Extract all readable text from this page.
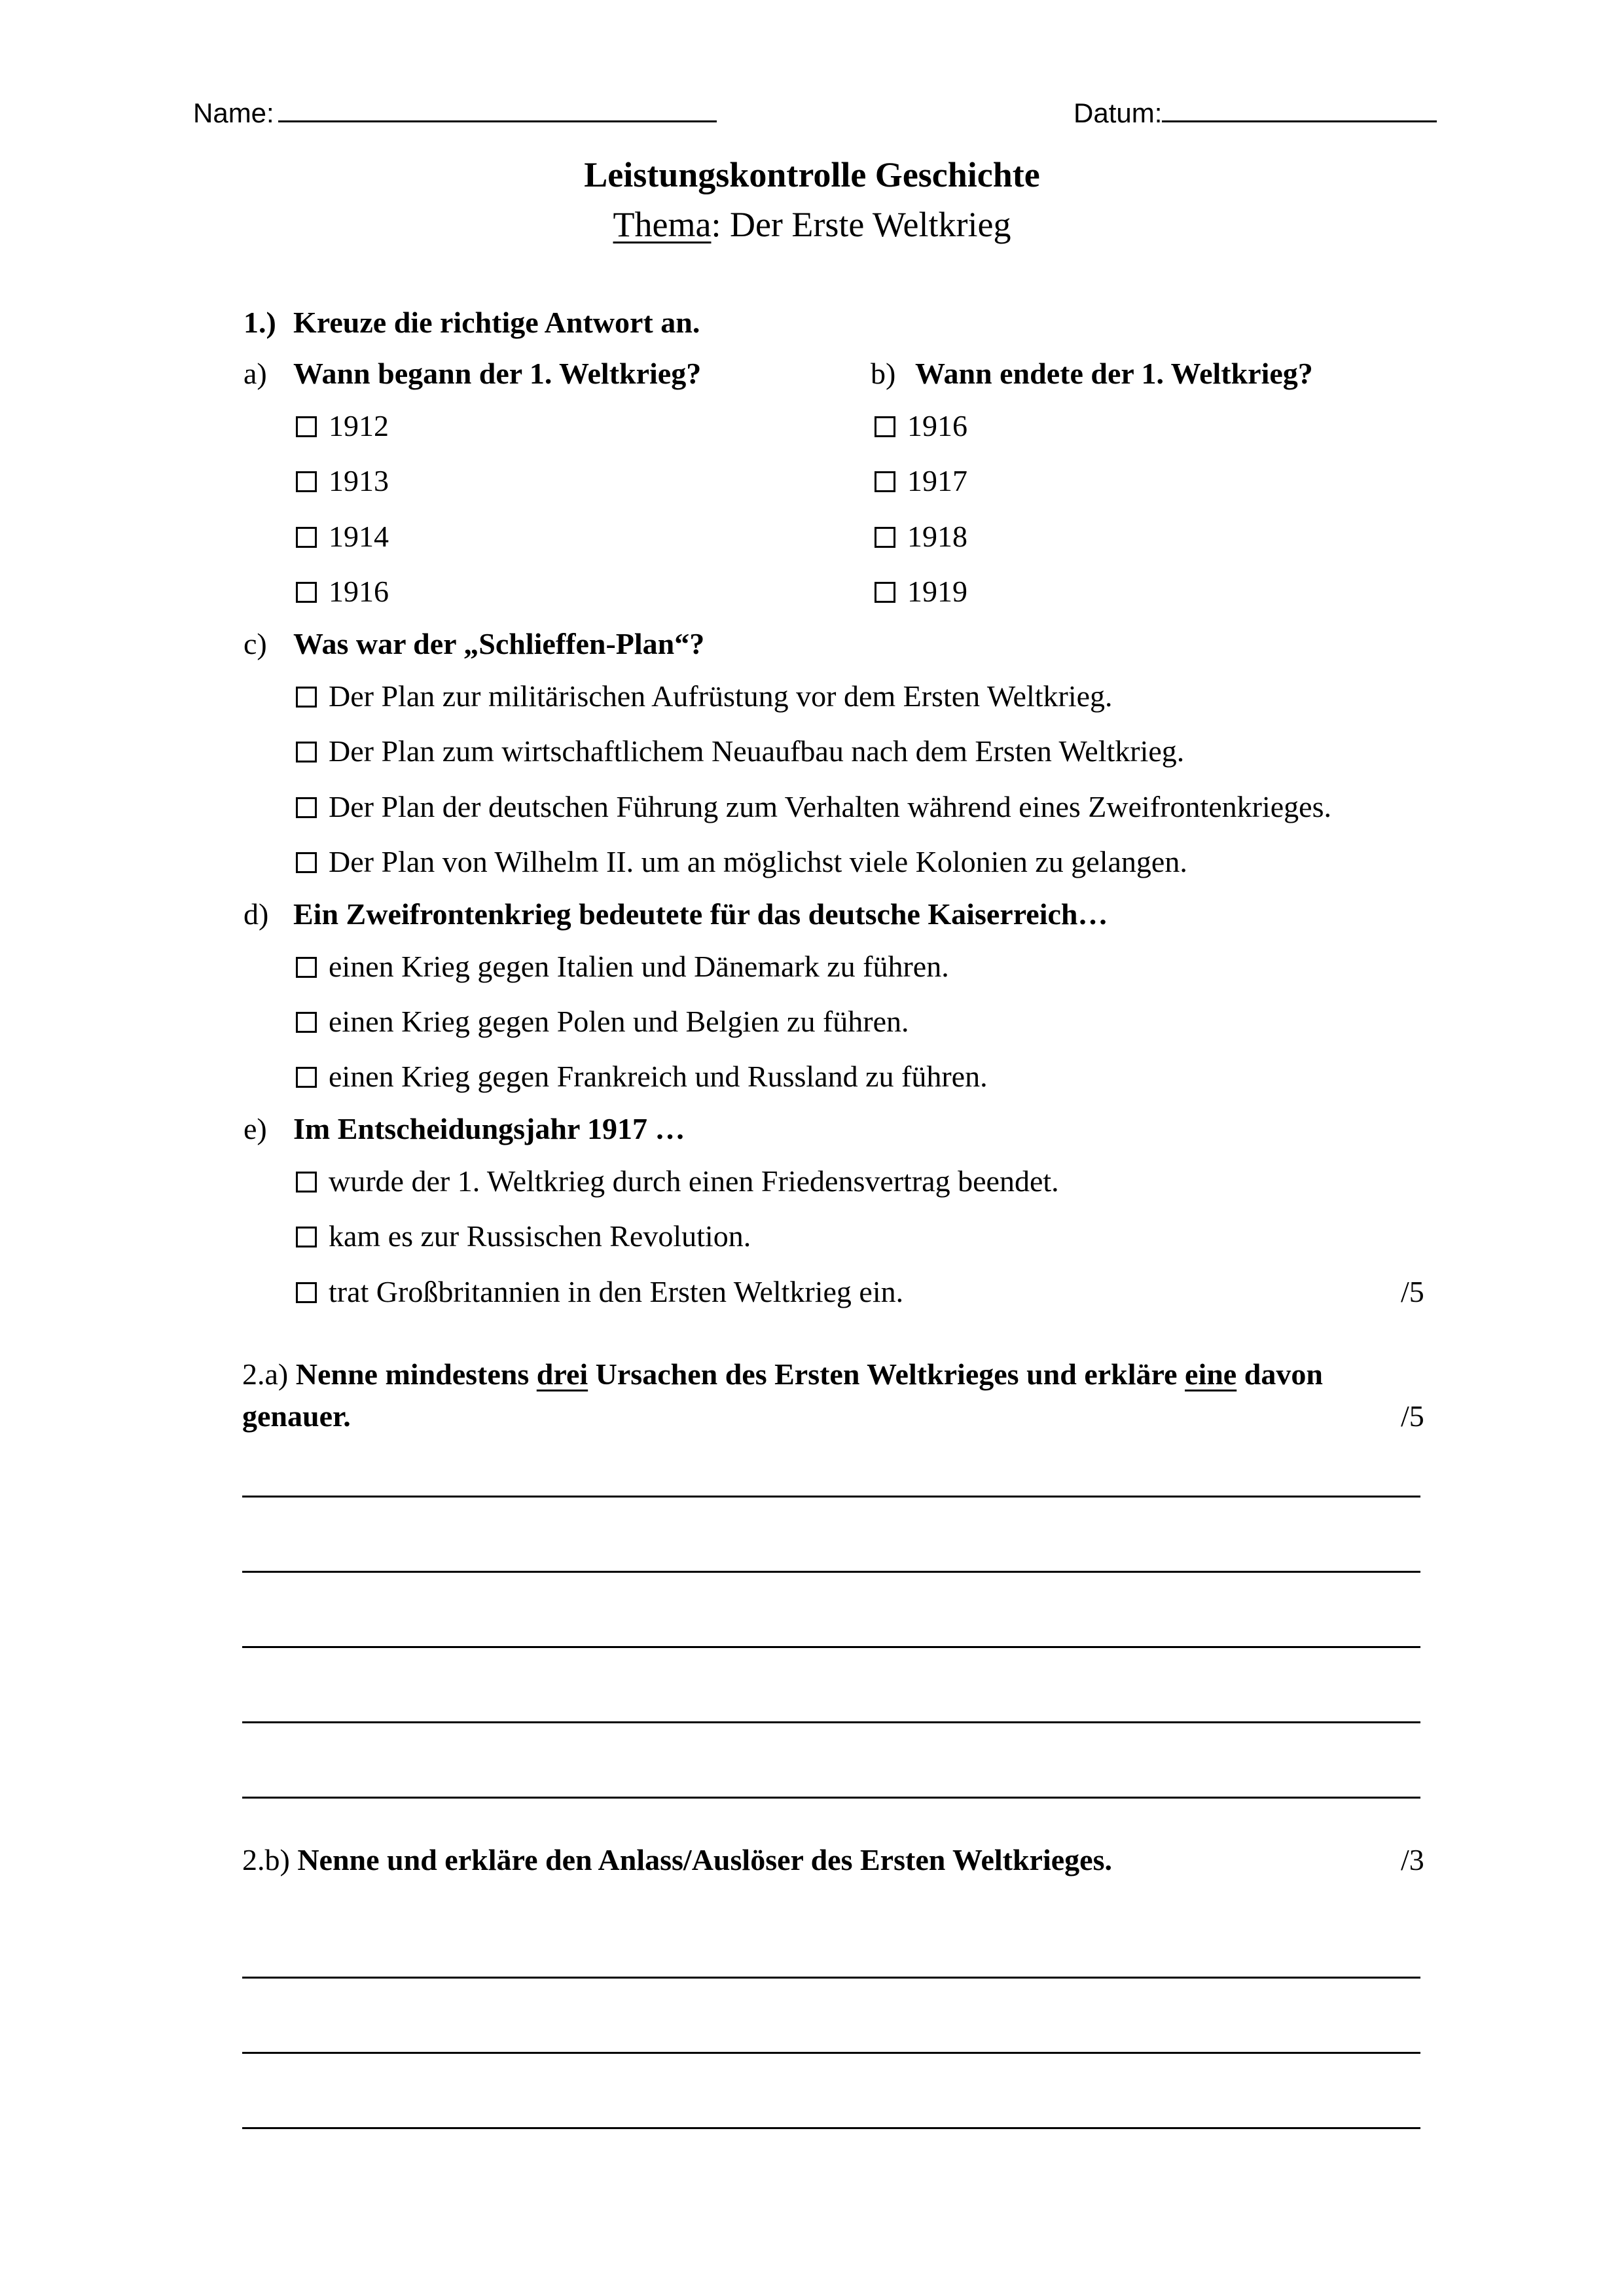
Name:	Datum:
Leistungskontrolle Geschichte
Thema: Der Erste Weltkrieg
1.) Kreuze die richtige Antwort an.
a) Wann begann der 1. Weltkrieg?	b) Wann endete der 1. Weltkrieg?
1912
1913
1914
1916
1916
1917
1918
1919
c) Was war der „Schlieffen-Plan“?
Der Plan zur militärischen Aufrüstung vor dem Ersten Weltkrieg.
Der Plan zum wirtschaftlichem Neuaufbau nach dem Ersten Weltkrieg.
Der Plan der deutschen Führung zum Verhalten während eines Zweifrontenkrieges.
Der Plan von Wilhelm II. um an möglichst viele Kolonien zu gelangen.
d) Ein Zweifrontenkrieg bedeutete für das deutsche Kaiserreich…
einen Krieg gegen Italien und Dänemark zu führen.
einen Krieg gegen Polen und Belgien zu führen.
einen Krieg gegen Frankreich und Russland zu führen.
e) Im Entscheidungsjahr 1917 …
wurde der 1. Weltkrieg durch einen Friedensvertrag beendet.
kam es zur Russischen Revolution.
trat Großbritannien in den Ersten Weltkrieg ein.	/5
2.a) Nenne mindestens drei Ursachen des Ersten Weltkrieges und erkläre eine davon
genauer.	/5
2.b) Nenne und erkläre den Anlass/Auslöser des Ersten Weltkrieges.	/3
